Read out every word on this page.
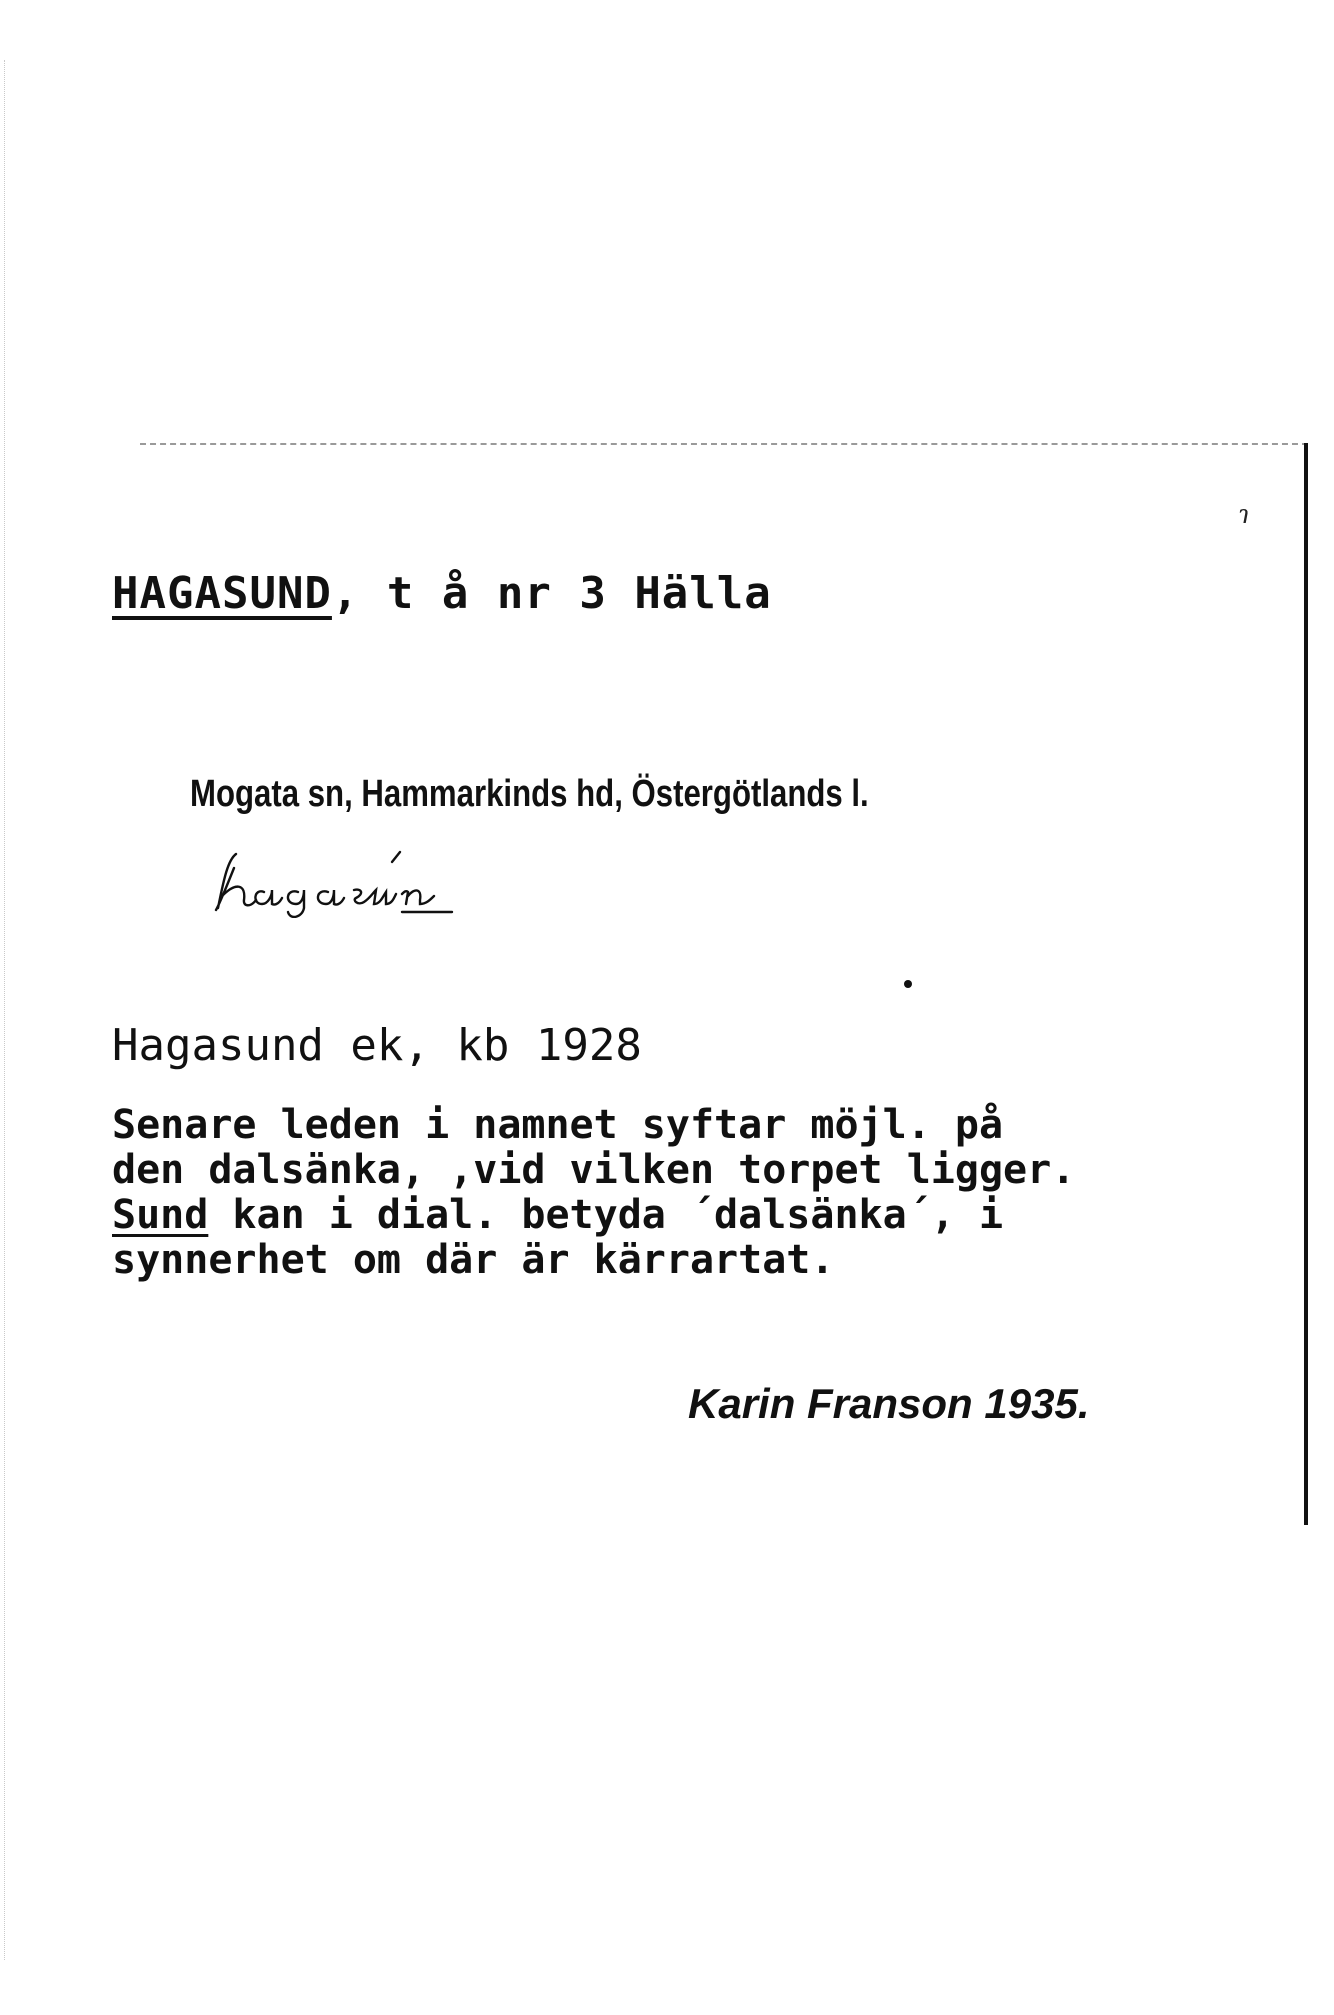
ɿ
HAGASUND, t å nr 3 Hälla
Mogata sn, Hammarkinds hd, Östergötlands l.
Hagasund ek, kb 1928
Senare leden i namnet syftar möjl. på
den dalsänka, ,vid vilken torpet ligger.
Sund kan i dial. betyda ´dalsänka´, i
synnerhet om där är kärrartat.
Karin Franson 1935.
